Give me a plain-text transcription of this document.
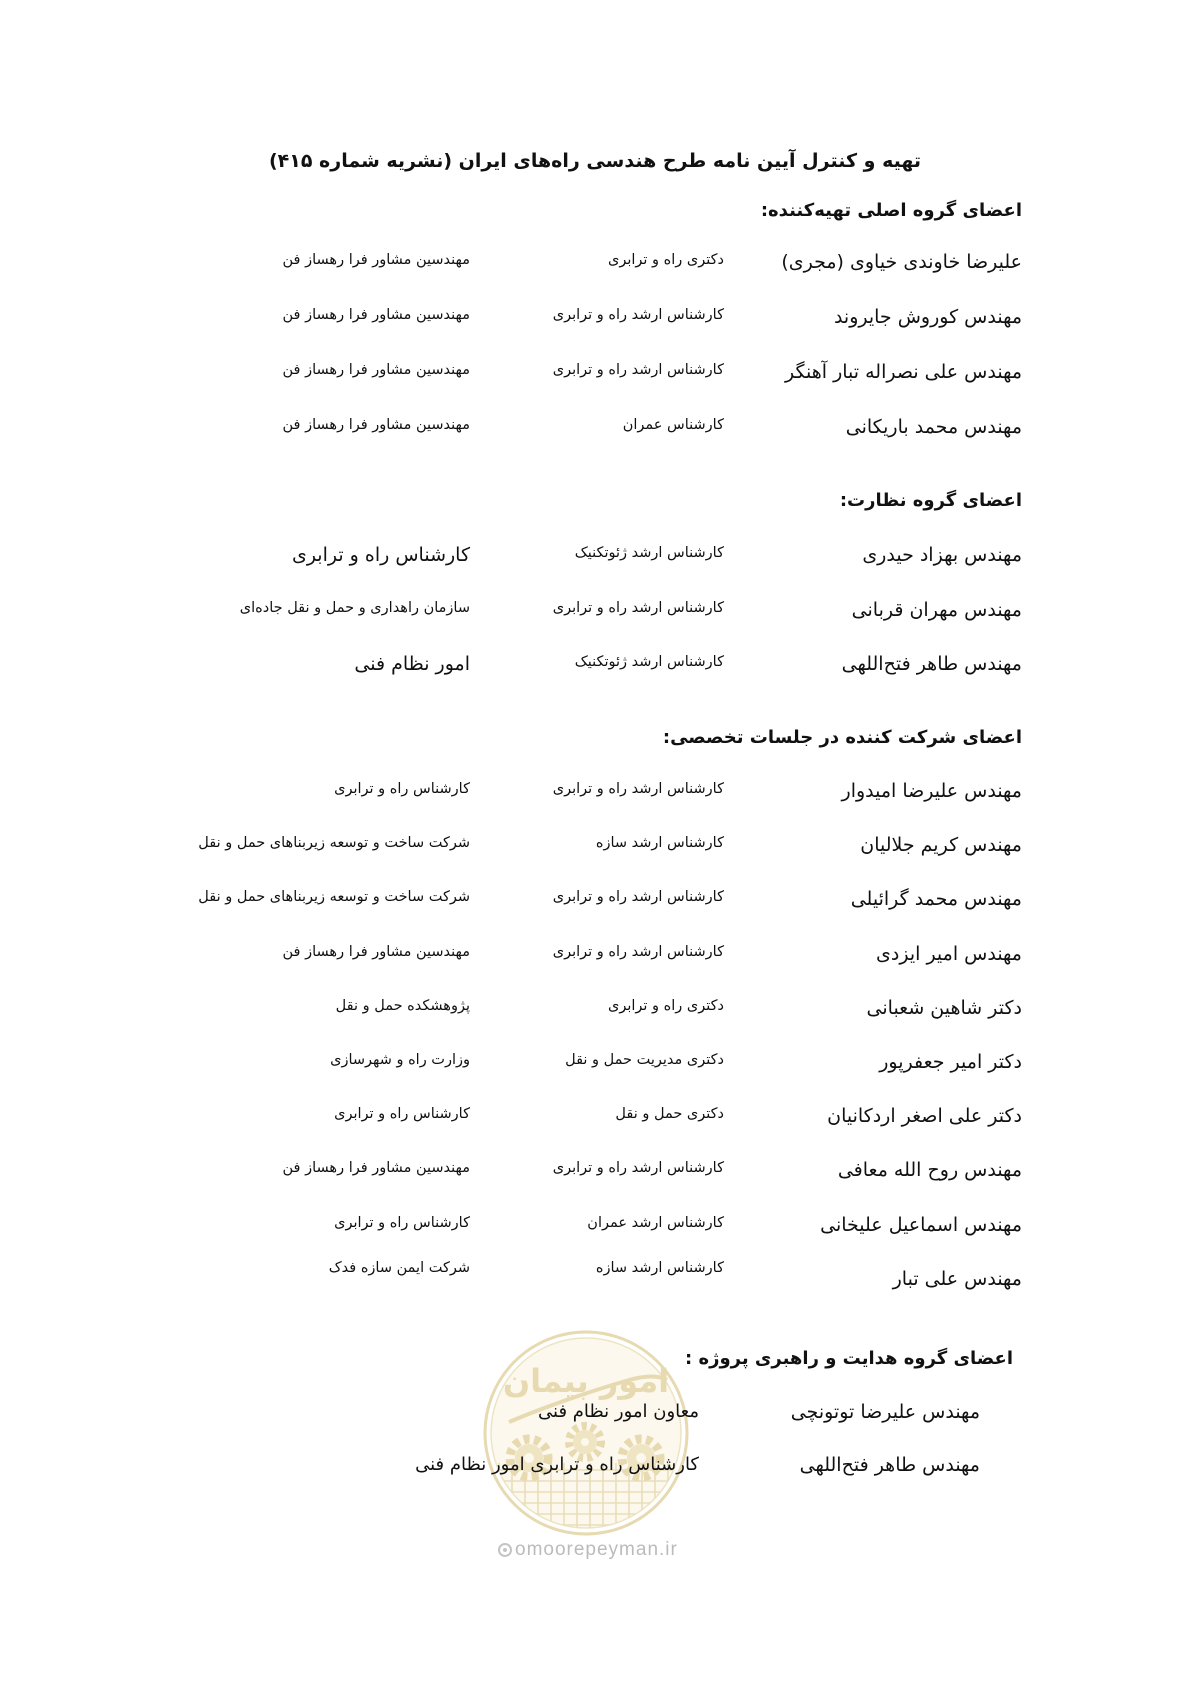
تهیه و کنترل آیین نامه طرح هندسی راه‌های ایران (نشریه شماره ۴۱۵)
اعضای گروه اصلی تهیه‌کننده:
علیرضا خاوندی خیاوی (مجری)
دکتری راه و ترابری
مهندسین مشاور فرا رهساز فن
مهندس کوروش جایروند
کارشناس ارشد راه و ترابری
مهندسین مشاور فرا رهساز فن
مهندس علی نصراله تبار آهنگر
کارشناس ارشد راه و ترابری
مهندسین مشاور فرا رهساز فن
مهندس محمد باریکانی
کارشناس عمران
مهندسین مشاور فرا رهساز فن
اعضای گروه نظارت:
مهندس بهزاد حیدری
کارشناس ارشد ژئوتکنیک
کارشناس راه و ترابری
مهندس مهران قربانی
کارشناس ارشد راه و ترابری
سازمان راهداری و حمل و نقل جاده‌ای
مهندس طاهر فتح‌اللهی
کارشناس ارشد ژئوتکنیک
امور نظام فنی
اعضای شرکت کننده در جلسات تخصصی:
مهندس علیرضا امیدوار
کارشناس ارشد راه و ترابری
کارشناس راه و ترابری
مهندس کریم جلالیان
کارشناس ارشد سازه
شرکت ساخت و توسعه زیربناهای حمل و نقل
مهندس محمد گرائیلی
کارشناس ارشد راه و ترابری
شرکت ساخت و توسعه زیربناهای حمل و نقل
مهندس امیر ایزدی
کارشناس ارشد راه و ترابری
مهندسین مشاور فرا رهساز فن
دکتر شاهین شعبانی
دکتری راه و ترابری
پژوهشکده حمل و نقل
دکتر امیر جعفرپور
دکتری مدیریت حمل و نقل
وزارت راه و شهرسازی
دکتر علی اصغر اردکانیان
دکتری حمل و نقل
کارشناس راه و ترابری
مهندس روح الله معافی
کارشناس ارشد راه و ترابری
مهندسین مشاور فرا رهساز فن
مهندس اسماعیل علیخانی
کارشناس ارشد عمران
کارشناس راه و ترابری
مهندس علی تبار
کارشناس ارشد سازه
شرکت ایمن سازه فدک
اعضای گروه هدایت و راهبری پروژه :
مهندس علیرضا توتونچی
معاون امور نظام فنی
مهندس طاهر فتح‌اللهی
کارشناس راه و ترابری امور نظام فنی
امور پیمان
omoorepeyman.ir
